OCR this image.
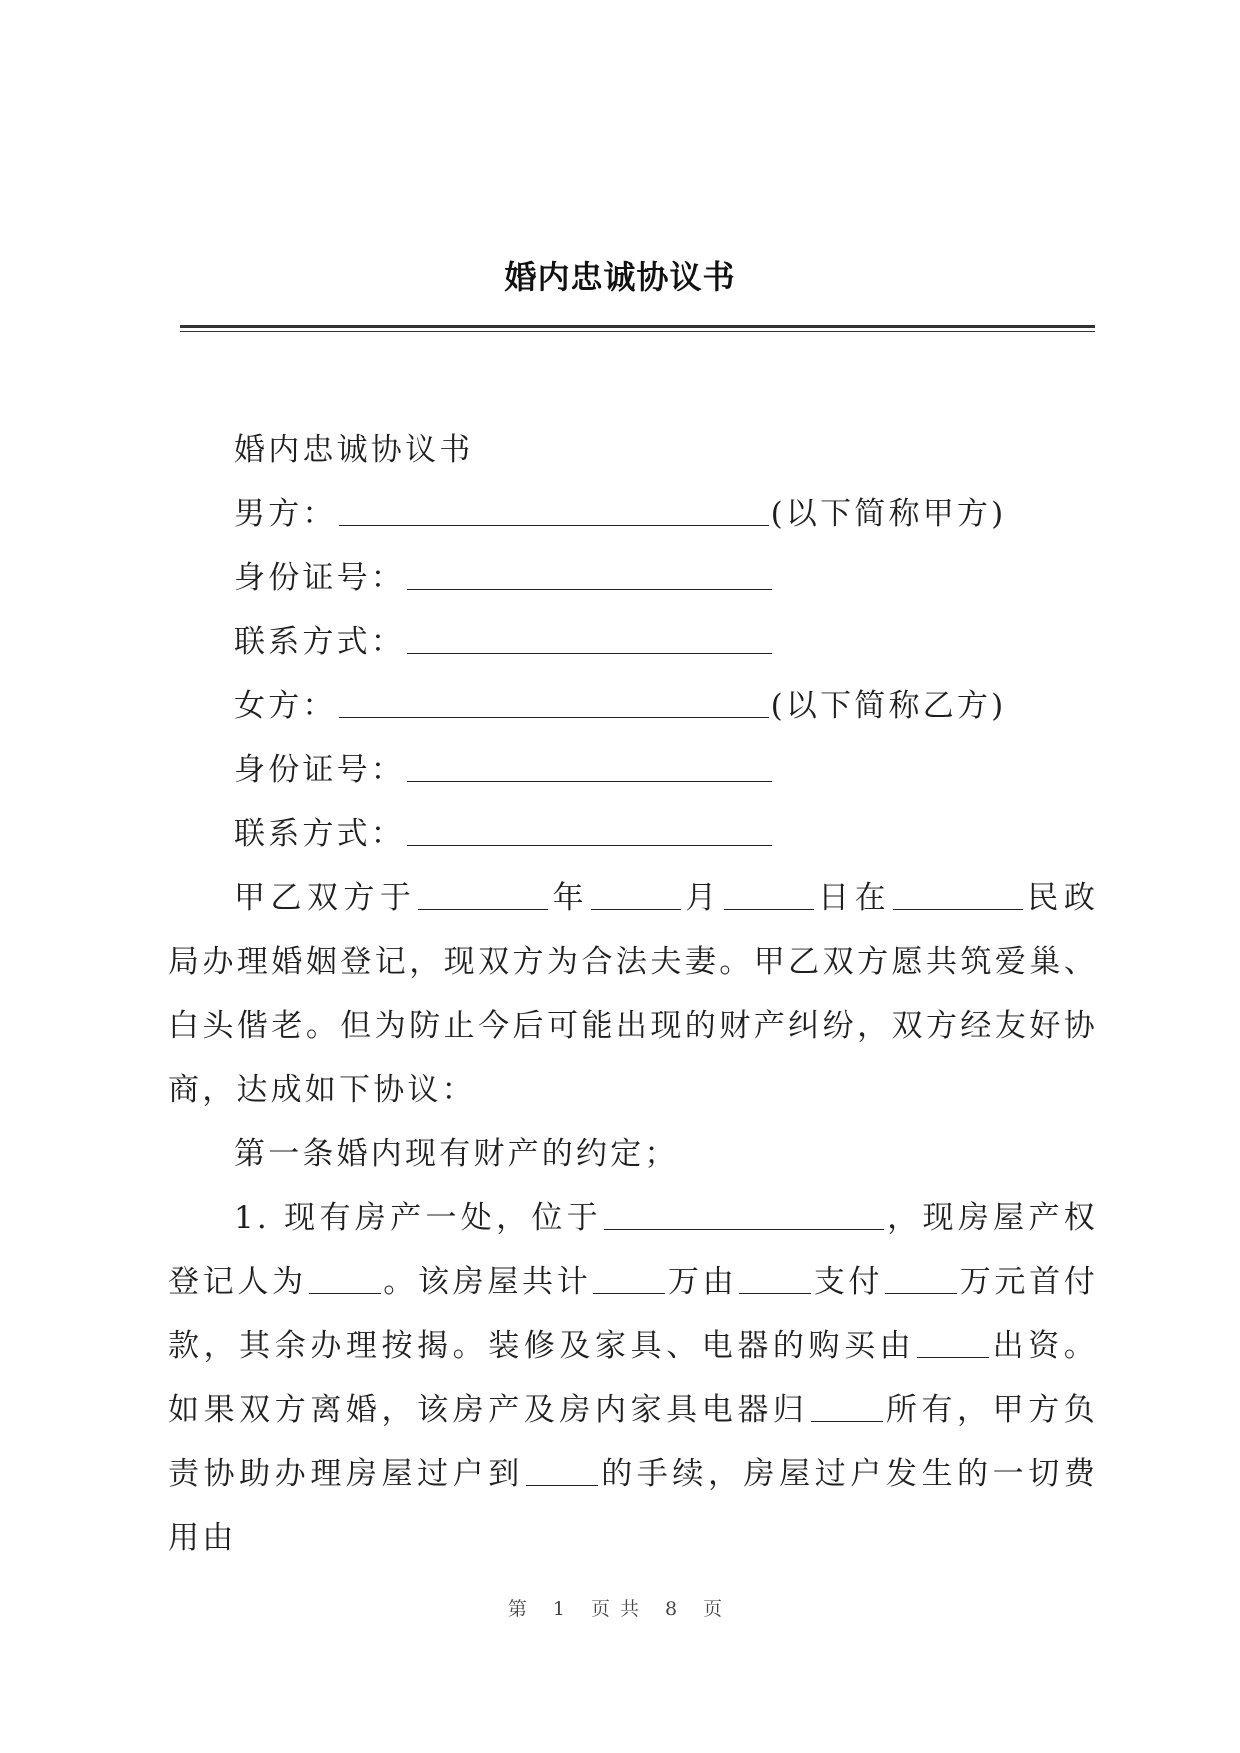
婚内忠诚协议书
婚内忠诚协议书
男方：	(以下简称甲方)
身份证号：
联系方式：
女方：	(以下简称乙方)
身份证号：
联系方式：
甲乙双方于	年	月	日在	民政局办理婚姻登记，现双方为合法夫妻。甲乙双方愿共筑爱巢、白头偕老。但为防止今后可能出现的财产纠纷，双方经友好协商，达成如下协议：
第一条婚内现有财产的约定；
1. 现有房产一处，位于	，现房屋产权登记人为 。该房屋共计 万由 支付 万元首付款，其余办理按揭。装修及家具、电器的购买由 出资。如果双方离婚，该房产及房内家具电器归 所有，甲方负责协助办理房屋过户到 的手续，房屋过户发生的一切费用由
第 1 页共 8 页
